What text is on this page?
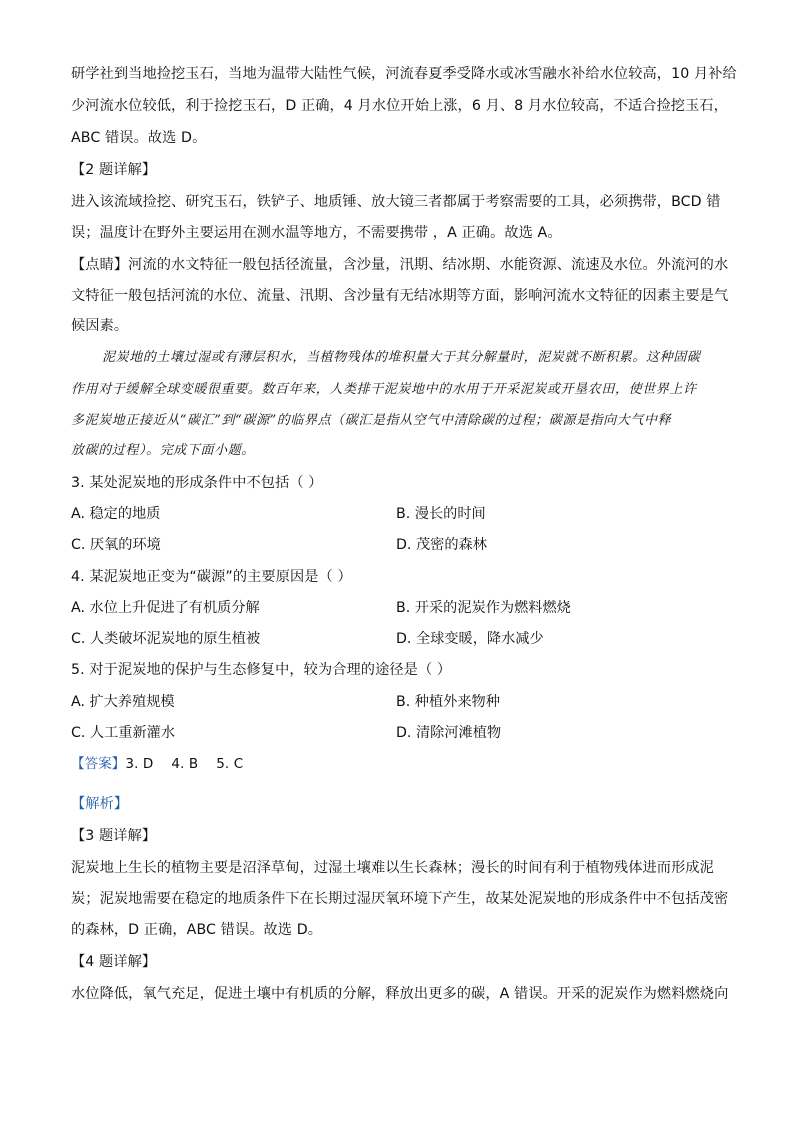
研学社到当地捡挖玉石，当地为温带大陆性气候，河流春夏季受降水或冰雪融水补给水位较高，10 月补给
少河流水位较低，利于捡挖玉石，D 正确，4 月水位开始上涨，6 月、8 月水位较高，不适合捡挖玉石，
ABC 错误。故选 D。
【2 题详解】
进入该流域捡挖、研究玉石，铁铲子、地质锤、放大镜三者都属于考察需要的工具，必须携带，BCD 错
误；温度计在野外主要运用在测水温等地方，不需要携带 ，A 正确。故选 A。
【点睛】河流的水文特征一般包括径流量，含沙量，汛期、结冰期、水能资源、流速及水位。外流河的水
文特征一般包括河流的水位、流量、汛期、含沙量有无结冰期等方面，影响河流水文特征的因素主要是气
候因素。
泥炭地的土壤过湿或有薄层积水，当植物残体的堆积量大于其分解量时，泥炭就不断积累。这种固碳
作用对于缓解全球变暖很重要。数百年来，人类排干泥炭地中的水用于开采泥炭或开垦农田，使世界上许
多泥炭地正接近从“碳汇”到“碳源”的临界点（碳汇是指从空气中清除碳的过程；碳源是指向大气中释
放碳的过程）。完成下面小题。
3. 某处泥炭地的形成条件中不包括（ ）
A. 稳定的地质	B. 漫长的时间
C. 厌氧的环境	D. 茂密的森林
4. 某泥炭地正变为“碳源”的主要原因是（ ）
A. 水位上升促进了有机质分解	B. 开采的泥炭作为燃料燃烧
C. 人类破坏泥炭地的原生植被	D. 全球变暖，降水减少
5. 对于泥炭地的保护与生态修复中，较为合理的途径是（ ）
A. 扩大养殖规模	B. 种植外来物种
C. 人工重新灌水	D. 清除河滩植物
【答案】3. D 4. B 5. C
【解析】
【3 题详解】
泥炭地上生长的植物主要是沼泽草甸，过湿土壤难以生长森林；漫长的时间有利于植物残体进而形成泥
炭；泥炭地需要在稳定的地质条件下在长期过湿厌氧环境下产生，故某处泥炭地的形成条件中不包括茂密
的森林，D 正确，ABC 错误。故选 D。
【4 题详解】
水位降低，氧气充足，促进土壤中有机质的分解，释放出更多的碳，A 错误。开采的泥炭作为燃料燃烧向
